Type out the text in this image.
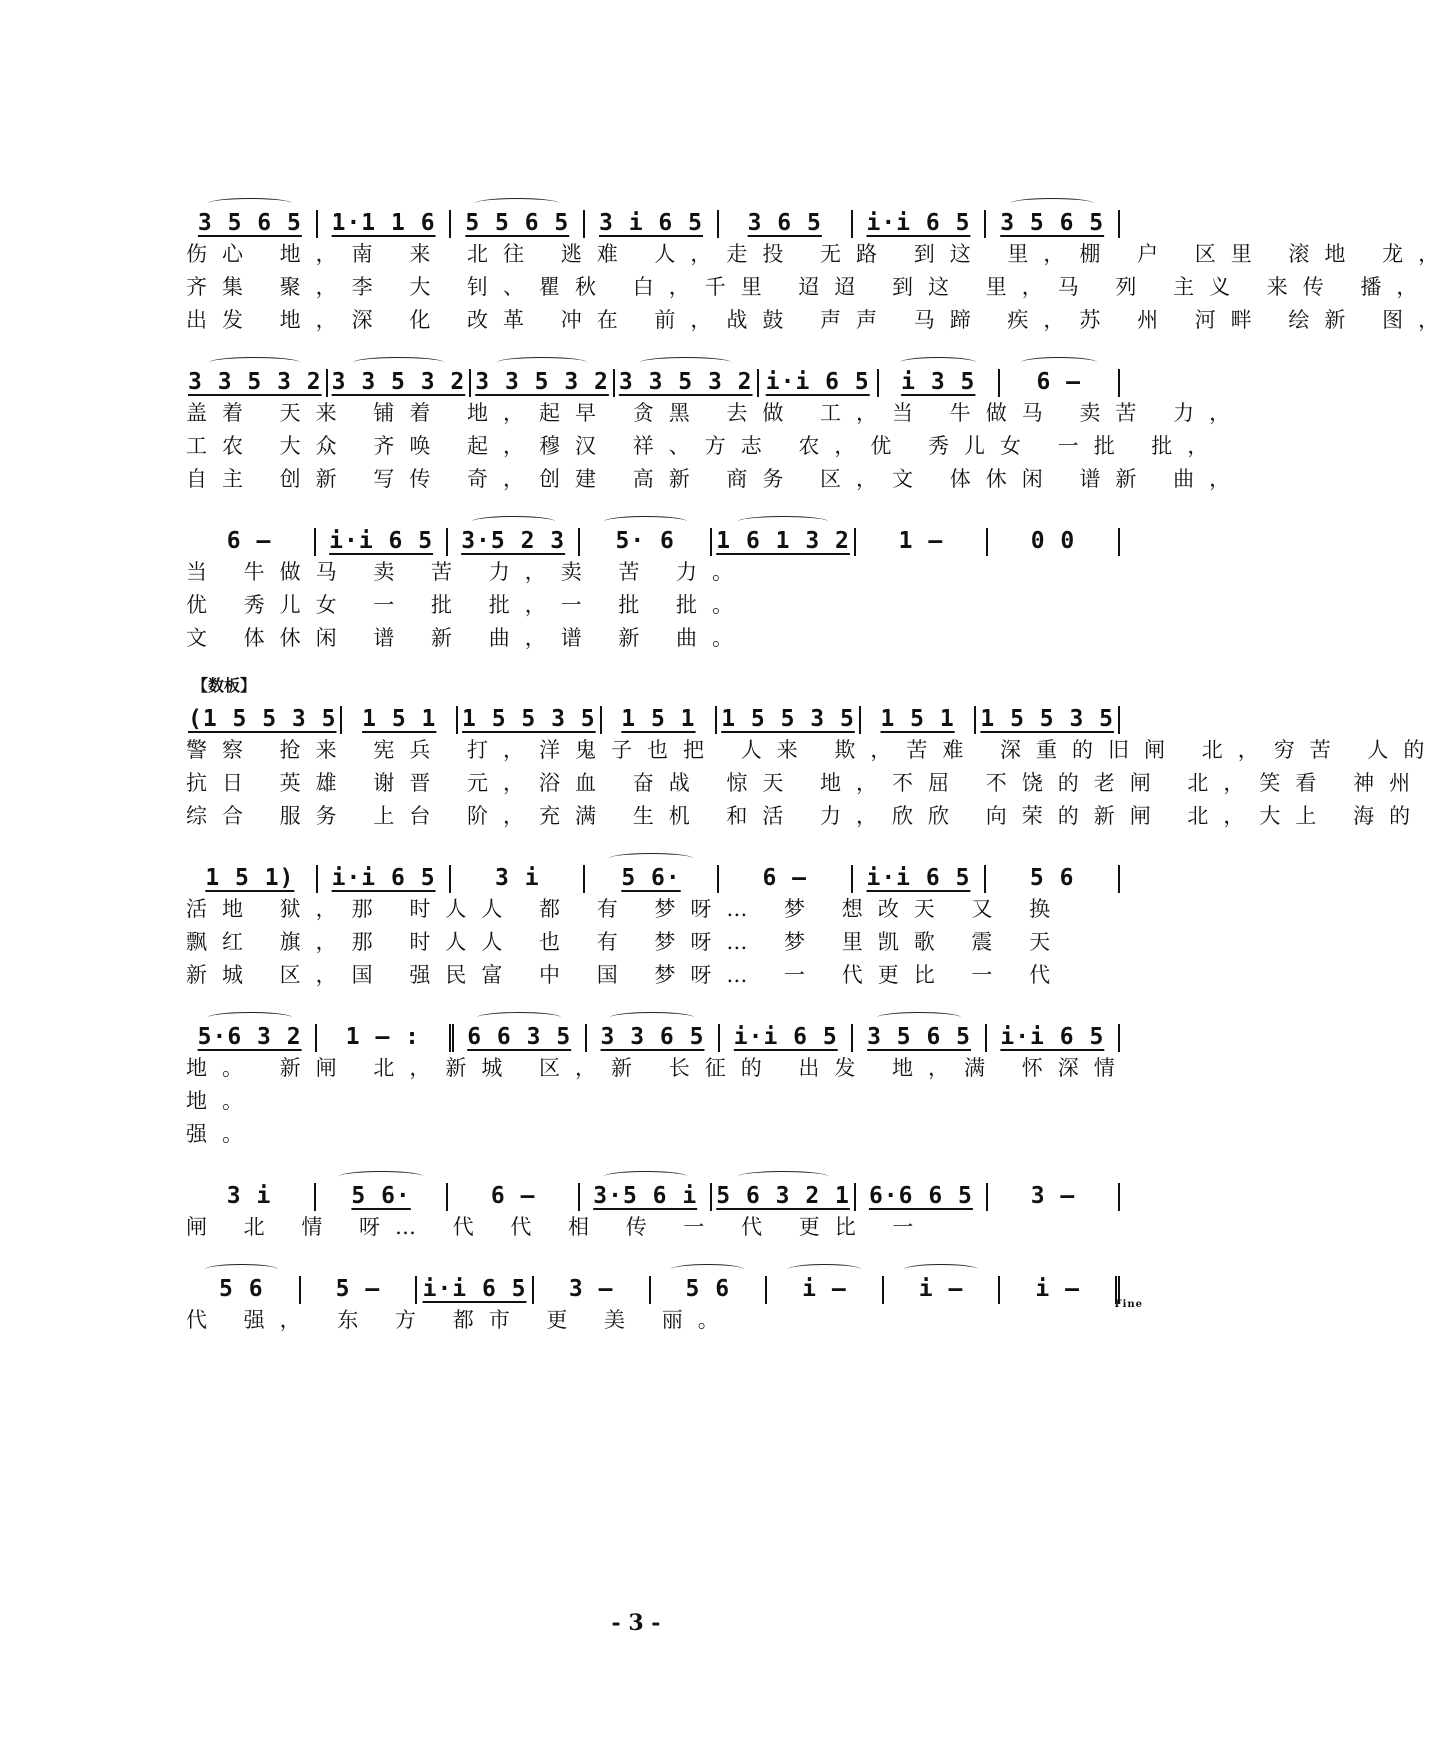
3 5 6 5	1·1 1 6	5 5 6 5	3 i 6 5	3 6 5	i·i 6 5	3 5 6 5
伤心 地，南 来 北往 逃难 人，走投 无路 到这 里，棚 户 区里 滚地 龙，
齐集 聚，李 大 钊、瞿秋 白，千里 迢迢 到这 里，马 列 主义 来传 播，
出发 地，深 化 改革 冲在 前，战鼓 声声 马蹄 疾，苏 州 河畔 绘新 图，
3 3 5 3 2 3 3 5 3 2 3 3 5 3 2 3 3 5 3 2 i·i 6 5	i 3 5	6 –
盖着 天来 铺着 地，起早 贪黑 去做 工，当 牛做马 卖苦 力，
工农 大众 齐唤 起，穆汉 祥、方志 农，优 秀儿女 一批 批，
自主 创新 写传 奇，创建 高新 商务 区，文 体休闲 谱新 曲，
6 –	i·i 6 5	3·5 2 3	5· 6	1 6 1 3 2	1 –	0 0
当 牛做马 卖 苦 力，卖 苦 力。
优 秀儿女 一 批 批，一 批 批。
文 体休闲 谱 新 曲，谱 新 曲。
【数板】
(1 5 5 3 5	1 5 1	1 5 5 3 5	1 5 1	1 5 5 3 5	1 5 1	1 5 5 3 5
警察 抢来 宪兵 打，洋鬼子也把 人来 欺，苦难 深重的旧闸 北，穷苦 人的
抗日 英雄 谢晋 元，浴血 奋战 惊天 地，不屈 不饶的老闸 北，笑看 神州
综合 服务 上台 阶，充满 生机 和活 力，欣欣 向荣的新闸 北，大上 海的
1 5 1)	i·i 6 5	3 i	5 6·	6 –	i·i 6 5	5 6
活地 狱，那 时人人 都 有 梦呀… 梦 想改天 又 换
飘红 旗，那 时人人 也 有 梦呀… 梦 里凯歌 震 天
新城 区，国 强民富 中 国 梦呀… 一 代更比 一 代
5·6 3 2	1 – :	6 6 3 5	3 3 6 5	i·i 6 5	3 5 6 5	i·i 6 5
地。 新闸 北，新城 区，新 长征的 出发 地，满 怀深情
地。
强。
3 i	5 6·	6 –	3·5 6 i 5 6 3 2 1 6·6 6 5	3 –
闸 北 情 呀… 代 代 相 传 一 代 更比 一
5 6	5 –	i·i 6 5	3 –	5 6	i –	i –	i –
Fine
代 强， 东 方 都市 更 美 丽。
- 3 -
